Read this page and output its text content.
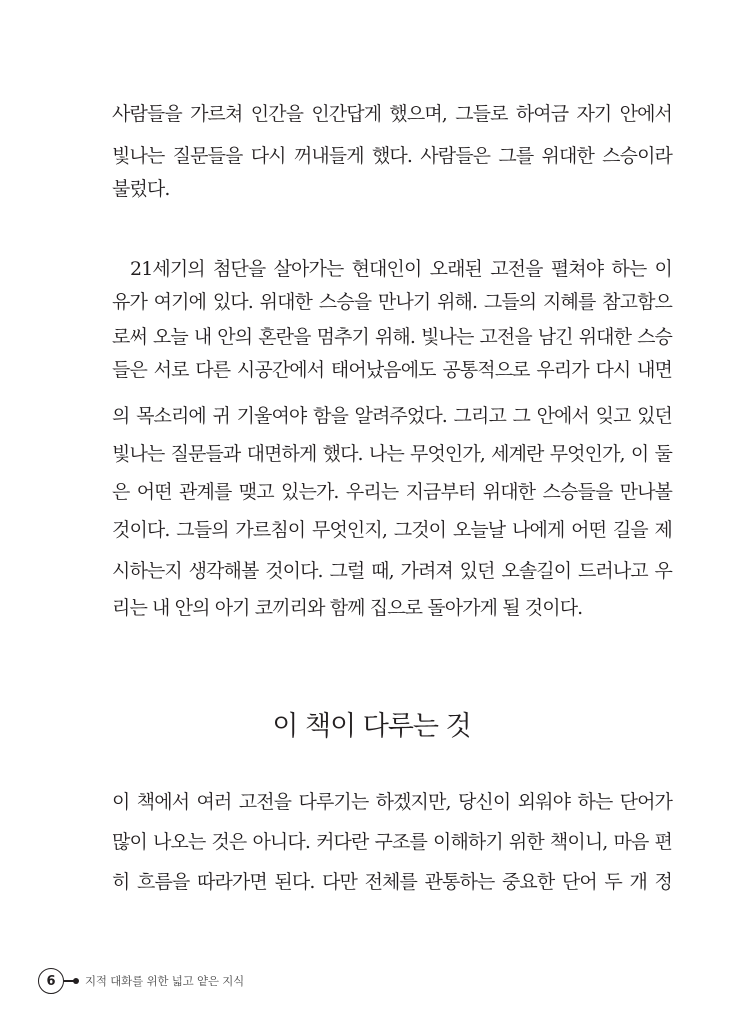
사람들을 가르쳐 인간을 인간답게 했으며, 그들로 하여금 자기 안에서
빛나는 질문들을 다시 꺼내들게 했다. 사람들은 그를 위대한 스승이라
불렀다.
21세기의 첨단을 살아가는 현대인이 오래된 고전을 펼쳐야 하는 이
유가 여기에 있다. 위대한 스승을 만나기 위해. 그들의 지혜를 참고함으
로써 오늘 내 안의 혼란을 멈추기 위해. 빛나는 고전을 남긴 위대한 스승
들은 서로 다른 시공간에서 태어났음에도 공통적으로 우리가 다시 내면
의 목소리에 귀 기울여야 함을 알려주었다. 그리고 그 안에서 잊고 있던
빛나는 질문들과 대면하게 했다. 나는 무엇인가, 세계란 무엇인가, 이 둘
은 어떤 관계를 맺고 있는가. 우리는 지금부터 위대한 스승들을 만나볼
것이다. 그들의 가르침이 무엇인지, 그것이 오늘날 나에게 어떤 길을 제
시하는지 생각해볼 것이다. 그럴 때, 가려져 있던 오솔길이 드러나고 우
리는 내 안의 아기 코끼리와 함께 집으로 돌아가게 될 것이다.
이 책이 다루는 것
이 책에서 여러 고전을 다루기는 하겠지만, 당신이 외워야 하는 단어가
많이 나오는 것은 아니다. 커다란 구조를 이해하기 위한 책이니, 마음 편
히 흐름을 따라가면 된다. 다만 전체를 관통하는 중요한 단어 두 개 정
6	지적 대화를 위한 넓고 얕은 지식
